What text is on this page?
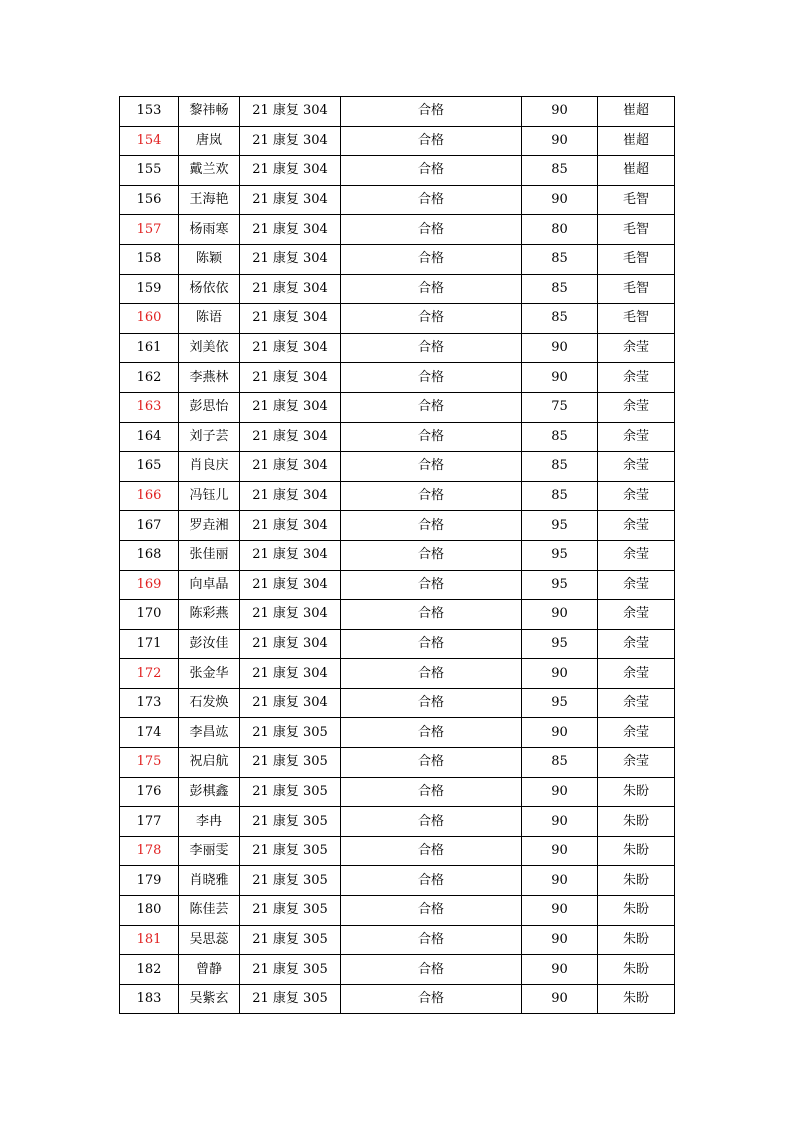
153	黎祎畅	21 康复 304	合格	90	崔超
154	唐岚	21 康复 304	合格	90	崔超
155	戴兰欢	21 康复 304	合格	85	崔超
156	王海艳	21 康复 304	合格	90	毛智
157	杨雨寒	21 康复 304	合格	80	毛智
158	陈颖	21 康复 304	合格	85	毛智
159	杨依依	21 康复 304	合格	85	毛智
160	陈语	21 康复 304	合格	85	毛智
161	刘美依	21 康复 304	合格	90	余莹
162	李燕林	21 康复 304	合格	90	余莹
163	彭思怡	21 康复 304	合格	75	余莹
164	刘子芸	21 康复 304	合格	85	余莹
165	肖良庆	21 康复 304	合格	85	余莹
166	冯钰儿	21 康复 304	合格	85	余莹
167	罗垚湘	21 康复 304	合格	95	余莹
168	张佳丽	21 康复 304	合格	95	余莹
169	向卓晶	21 康复 304	合格	95	余莹
170	陈彩燕	21 康复 304	合格	90	余莹
171	彭汝佳	21 康复 304	合格	95	余莹
172	张金华	21 康复 304	合格	90	余莹
173	石发焕	21 康复 304	合格	95	余莹
174	李昌竑	21 康复 305	合格	90	余莹
175	祝启航	21 康复 305	合格	85	余莹
176	彭棋鑫	21 康复 305	合格	90	朱盼
177	李冉	21 康复 305	合格	90	朱盼
178	李丽雯	21 康复 305	合格	90	朱盼
179	肖晓雅	21 康复 305	合格	90	朱盼
180	陈佳芸	21 康复 305	合格	90	朱盼
181	吴思蕊	21 康复 305	合格	90	朱盼
182	曾静	21 康复 305	合格	90	朱盼
183	吴紫玄	21 康复 305	合格	90	朱盼
